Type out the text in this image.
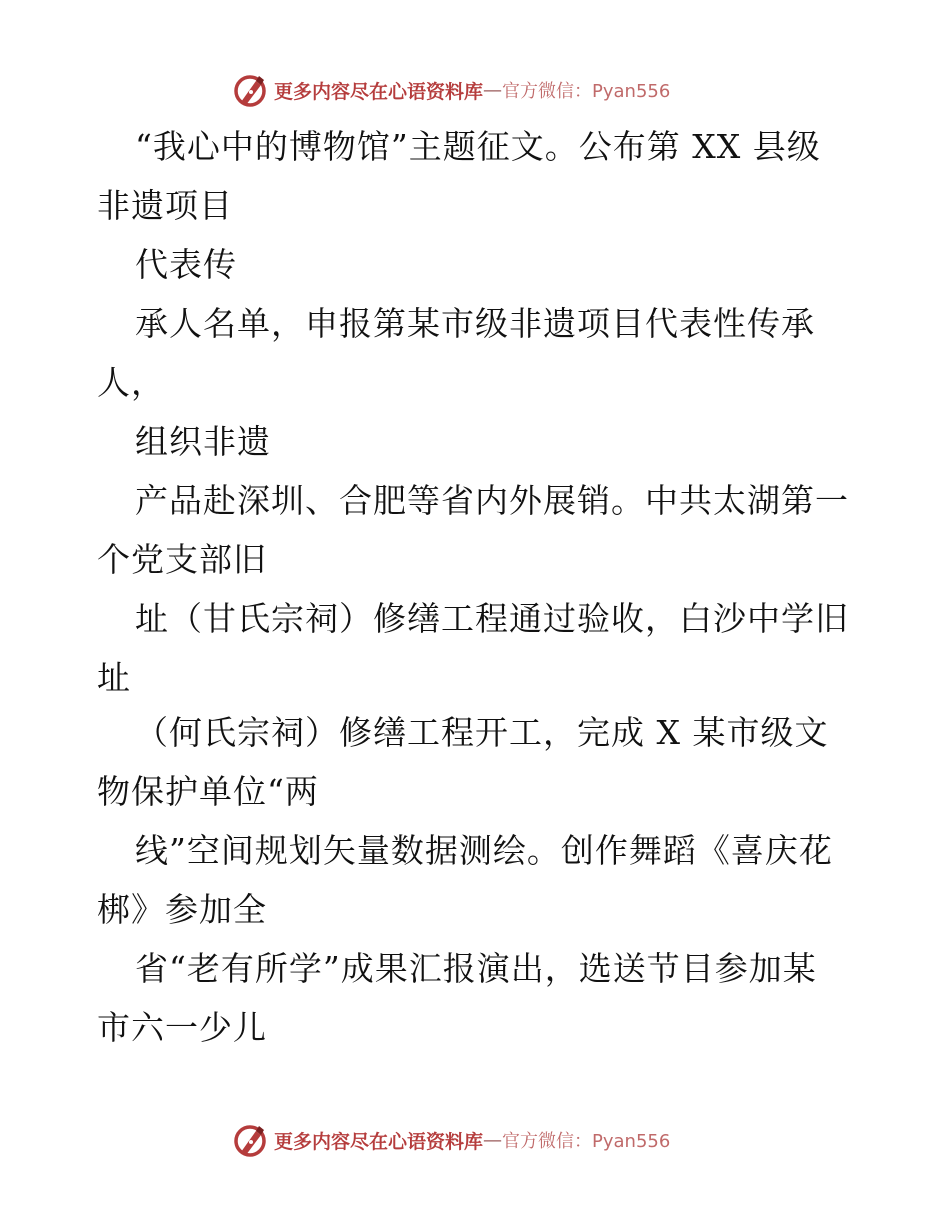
更多内容尽在心语资料库 — 官方微信：Pyan556
“我心中的博物馆”主题征文。公布第 XX 县级
非遗项目
代表传
承人名单，申报第某市级非遗项目代表性传承
人，
组织非遗
产品赴深圳、合肥等省内外展销。中共太湖第一
个党支部旧
址（甘氏宗祠）修缮工程通过验收，白沙中学旧
址
（何氏宗祠）修缮工程开工，完成 X 某市级文
物保护单位“两
线”空间规划矢量数据测绘。创作舞蹈《喜庆花
梆》参加全
省“老有所学”成果汇报演出，选送节目参加某
市六一少儿
更多内容尽在心语资料库 — 官方微信：Pyan556
